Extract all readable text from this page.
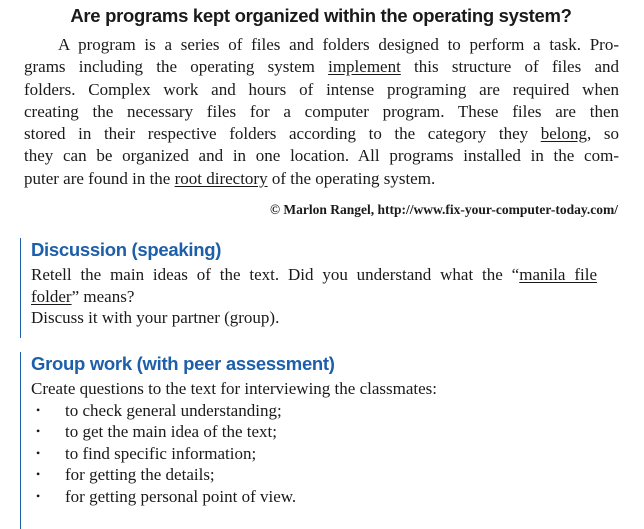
Are programs kept organized within the operating system?
A program is a series of files and folders designed to perform a task. Pro-
grams including the operating system implement this structure of files and
folders. Complex work and hours of intense programing are required when
creating the necessary files for a computer program. These files are then
stored in their respective folders according to the category they belong, so
they can be organized and in one location. All programs installed in the com-
puter are found in the root directory of the operating system.
© Marlon Rangel, http://www.fix-your-computer-today.com/
Discussion (speaking)
Retell the main ideas of the text. Did you understand what the “manila file
folder” means?
Discuss it with your partner (group).
Group work (with peer assessment)
Create questions to the text for interviewing the classmates:
• to check general understanding;
• to get the main idea of the text;
• to find specific information;
• for getting the details;
• for getting personal point of view.
